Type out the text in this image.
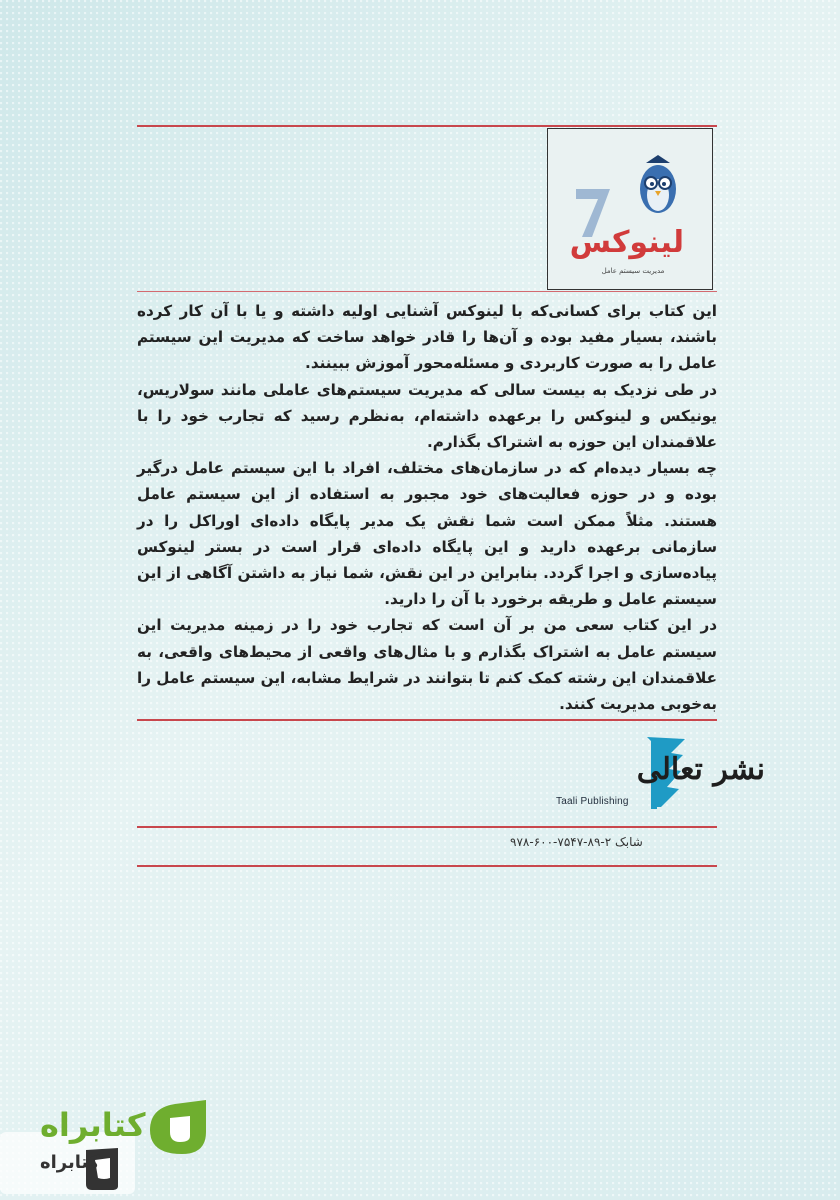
لینوکس
مدیریت سیستم عامل

این کتاب برای کسانی‌که با لینوکس آشنایی اولیه داشته و یا با آن کار کرده باشند، بسیار مفید بوده و آن‌ها را قادر خواهد ساخت که مدیریت این سیستم عامل را به صورت کاربردی و مسئله‌محور آموزش ببینند.

در طی نزدیک به بیست سالی که مدیریت سیستم‌های عاملی مانند سولاریس، یونیکس و لینوکس را برعهده داشته‌ام، به‌نظرم رسید که تجارب خود را با علاقمندان این حوزه به اشتراک بگذارم.

چه بسیار دیده‌ام که در سازمان‌های مختلف، افراد با این سیستم عامل درگیر بوده و در حوزه فعالیت‌های خود مجبور به استفاده از این سیستم عامل هستند. مثلاً ممکن است شما نقش یک مدیر پایگاه داده‌ای اوراکل را در سازمانی برعهده دارید و این پایگاه داده‌ای قرار است در بستر لینوکس پیاده‌سازی و اجرا گردد. بنابراین در این نقش، شما نیاز به داشتن آگاهی از این سیستم عامل و طریقه برخورد با آن را دارید.

در این کتاب سعی من بر آن است که تجارب خود را در زمینه مدیریت این سیستم عامل به اشتراک بگذارم و با مثال‌های واقعی از محیط‌های واقعی، به علاقمندان این رشته کمک کنم تا بتوانند در شرایط مشابه، این سیستم عامل را به‌خوبی مدیریت کنند.

نشر تعالی
Taali Publishing
شابک ۲-۸۹-۷۵۴۷-۶۰۰-۹۷۸
کتابراه
کتابراه
